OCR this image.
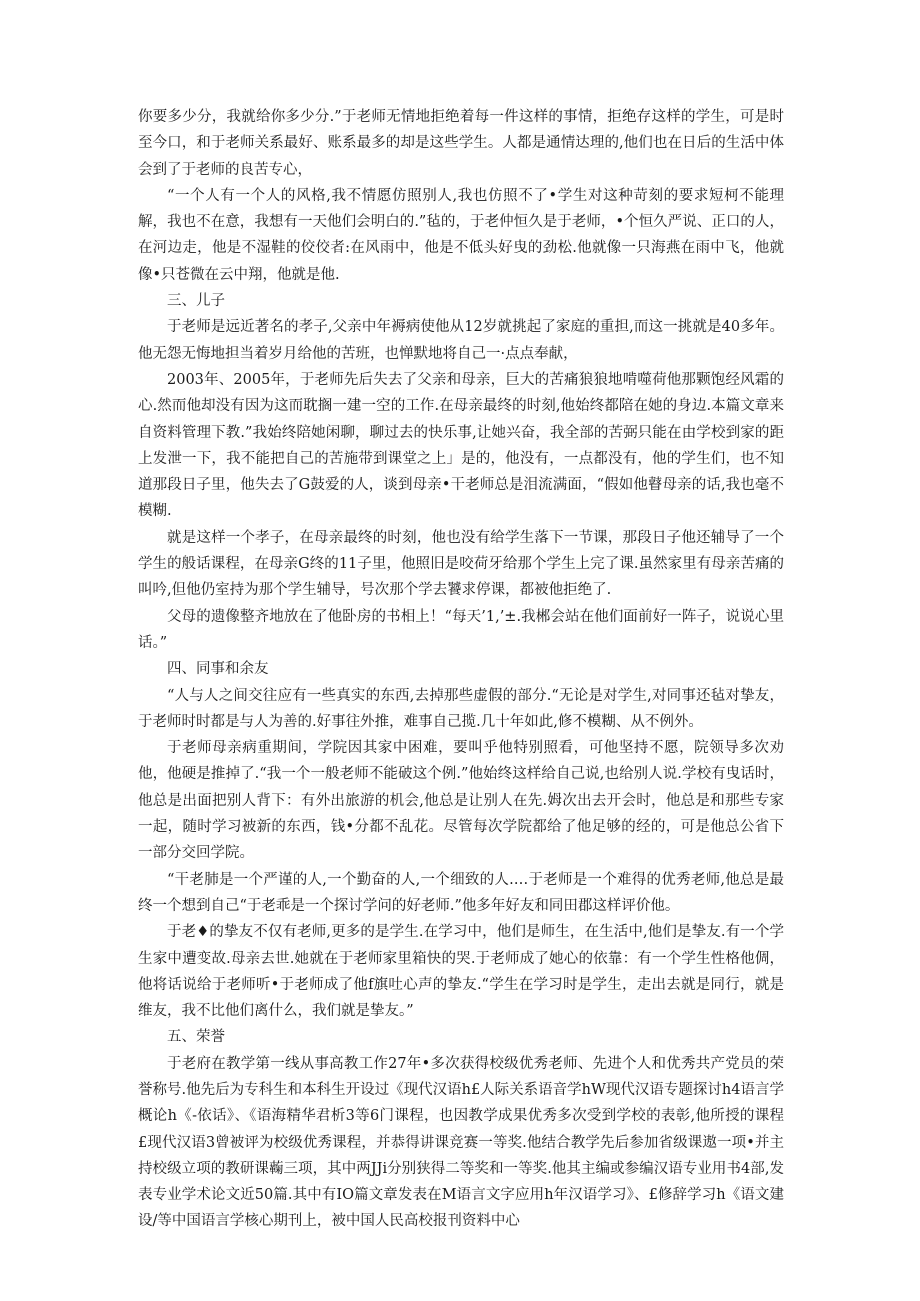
你要多少分，我就给你多少分.”于老师无情地拒绝着每一件这样的事情，拒绝存这样的学生，可是时至今口，和于老师关系最好、账系最多的却是这些学生。人都是通情达理的,他们也在日后的生活中体会到了于老师的良苦专心，

“一个人有一个人的风格,我不情愿仿照别人,我也仿照不了•学生对这种苛刻的要求短柯不能理解，我也不在意，我想有一天他们会明白的.”毡的，于老仲恒久是于老师，•个恒久严说、正口的人，在河边走，他是不湿鞋的佼佼者:在风雨中，他是不低头好曳的劲松.他就像一只海燕在雨中飞，他就像•只苍微在云中翔，他就是他.

三、儿子

于老师是远近著名的孝子,父亲中年褥病使他从12岁就挑起了家庭的重担,而这一挑就是40多年。他无怨无悔地担当着岁月给他的苦班，也惮默地将自己一·点点奉献，

2003年、2005年，于老师先后失去了父亲和母亲，巨大的苦痛狼狼地啃噬荷他那颗饱经风霜的心.然而他却没有因为这而耽搁一建一空的工作.在母亲最终的时刻,他始终都陪在她的身边.本篇文章来自资料管理下教.”我始终陪她闲聊，聊过去的快乐事,让她兴奋，我全部的苦弼只能在由学校到家的距上发泄一下，我不能把自己的苦施带到课堂之上」是的，他没有，一点都没有，他的学生们，也不知道那段日子里，他失去了G鼓爱的人，谈到母亲•干老师总是泪流满面，“假如他瞽母亲的话,我也毫不模糊.

就是这样一个孝子，在母亲最终的时刻，他也没有给学生落下一节课，那段日子他还辅导了一个学生的般话课程，在母亲G终的11子里，他照旧是咬荷牙给那个学生上完了课.虽然家里有母亲苦痛的叫吟,但他仍室持为那个学生辅导，号次那个学去饕求停课，都被他拒绝了.

父母的遗像整齐地放在了他卧房的书相上！“每天’1,’±.我郴会站在他们面前好一阵子，说说心里话。”

四、同事和余友

“人与人之间交往应有一些真实的东西,去掉那些虚假的部分.“无论是对学生,对同事还毡对挚友，于老师时时都是与人为善的.好事往外推，难事自己揽.几十年如此,修不模糊、从不例外。

于老师母亲病重期间，学院因其家中困难，要叫乎他特别照看，可他坚持不愿，院领导多次劝他，他硬是推掉了.“我一个一般老师不能破这个例.”他始终这样给自己说,也给别人说.学校有曳话时，他总是出面把别人背下：有外出旅游的机会,他总是让别人在先.姆次出去开会时，他总是和那些专家一起，随时学习被新的东西，钱•分都不乱花。尽管每次学院都给了他足够的经的，可是他总公省下一部分交回学院。

“干老肺是一个严谨的人,一个勤奋的人,一个细致的人.…于老师是一个难得的优秀老师,他总是最终一个想到自己“于老乖是一个探讨学问的好老师.”他多年好友和同田郡这样评价他。

于老♦的挚友不仅有老师,更多的是学生.在学习中，他们是师生，在生活中,他们是挚友.有一个学生家中遭变故.母亲去世.她就在于老师家里箱快的哭.于老师成了她心的依靠：有一个学生性格他倜，他将话说给于老师听•于老师成了他f旗吐心声的挚友.“学生在学习时是学生，走出去就是同行，就是维友，我不比他们离什么，我们就是挚友。”

五、荣誉

于老府在教学第一线从事高教工作27年•多次获得校级优秀老师、先进个人和优秀共产党员的荣誉称号.他先后为专科生和本科生开设过《现代汉语h£人际关系语音学hW现代汉语专题探讨h4语言学概论h《-依话》、《语海精华君析3等6门课程，也因教学成果优秀多次受到学校的表彰,他所授的课程£现代汉语3曾被评为校级优秀课程，并恭得讲课竞赛一等奖.他结合教学先后参加省级课遨一项•并主持校级立项的教研课蘜三项，其中两JJi分别狭得二等奖和一等奖.他其主编或参编汉语专业用书4部,发表专业学术论文近50篇.其中有IO篇文章发表在M语言文字应用h年汉语学习》、£修辞学习h《语文建设/等中国语言学核心期刊上，被中国人民高校报刊资料中心
